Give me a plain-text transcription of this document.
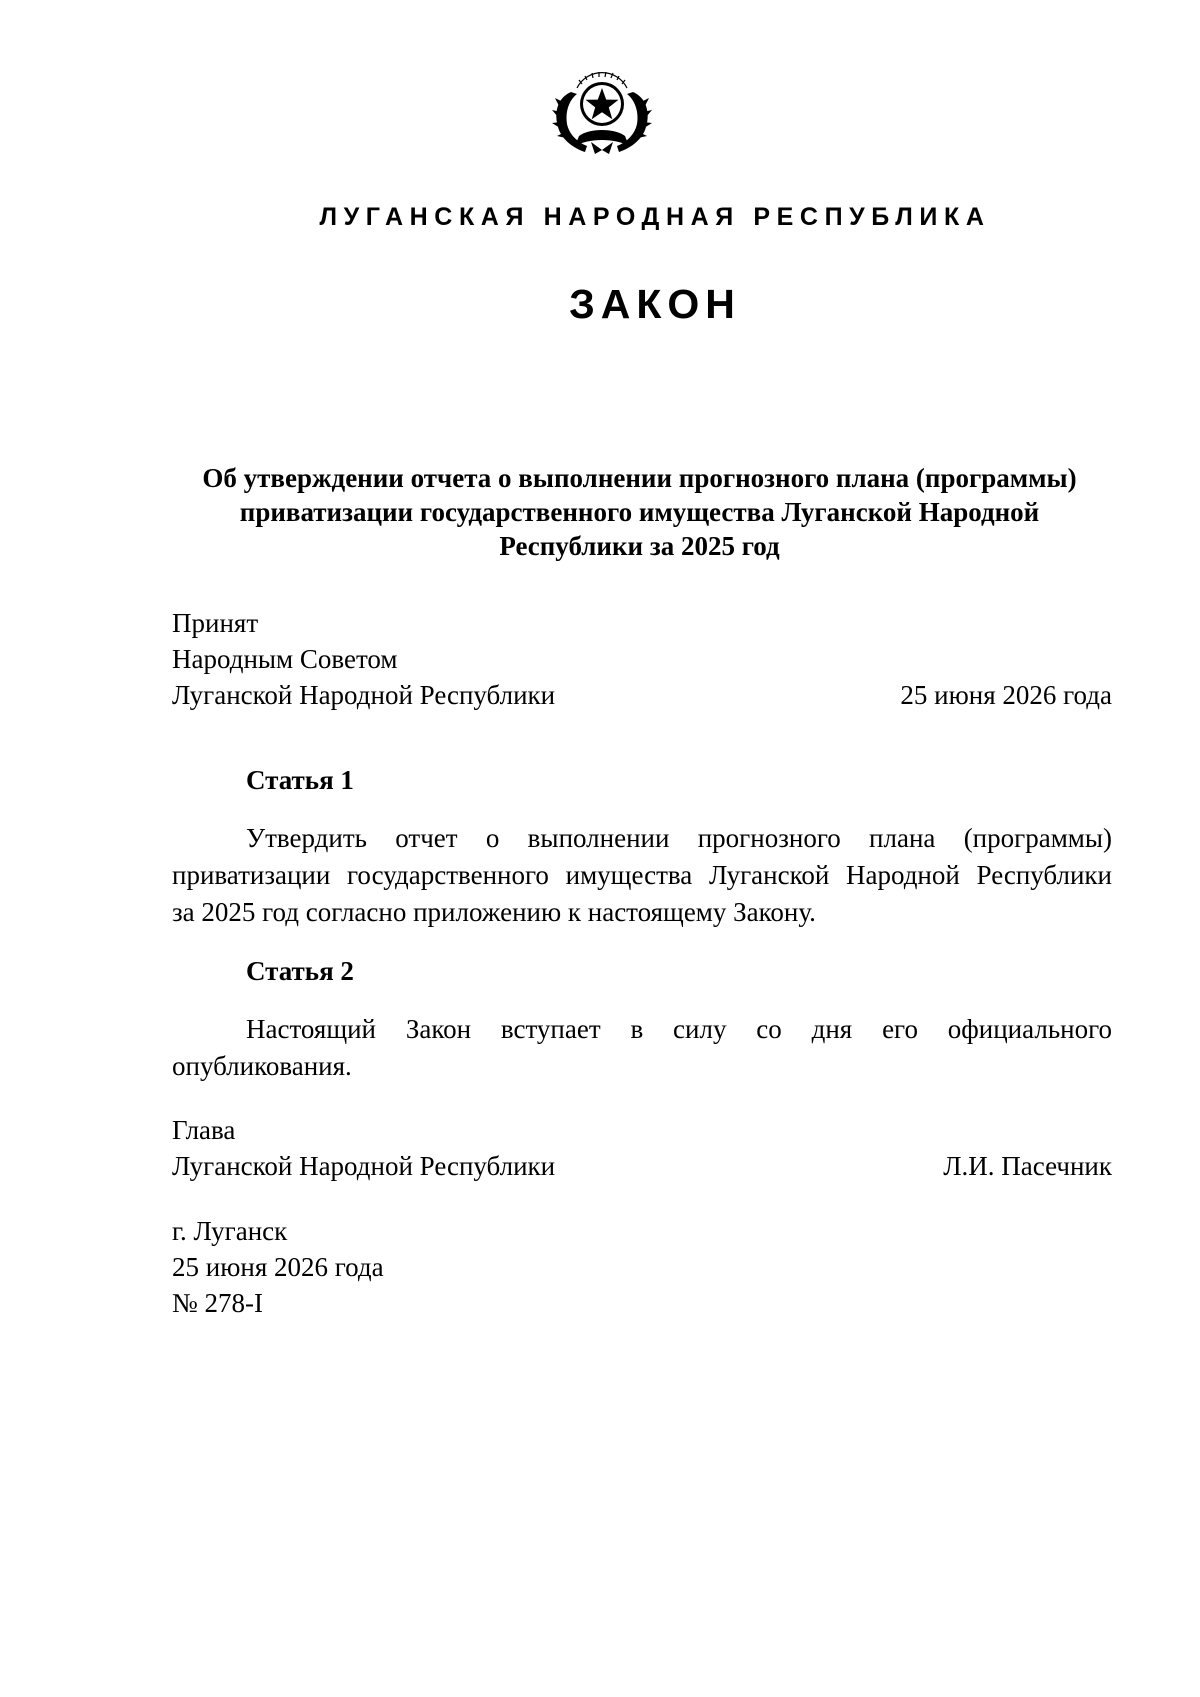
ЛУГАНСКАЯ НАРОДНАЯ РЕСПУБЛИКА
ЗАКОН
Об утверждении отчета о выполнении прогнозного плана (программы)
приватизации государственного имущества Луганской Народной
Республики за 2025 год
Принят
Народным Советом
Луганской Народной Республики	25 июня 2026 года
Статья 1
Утвердить отчет о выполнении прогнозного плана (программы)
приватизации государственного имущества Луганской Народной Республики
за 2025 год согласно приложению к настоящему Закону.
Статья 2
Настоящий Закон вступает в силу со дня его официального
опубликования.
Глава
Луганской Народной Республики	Л.И. Пасечник
г. Луганск
25 июня 2026 года
№ 278-I
